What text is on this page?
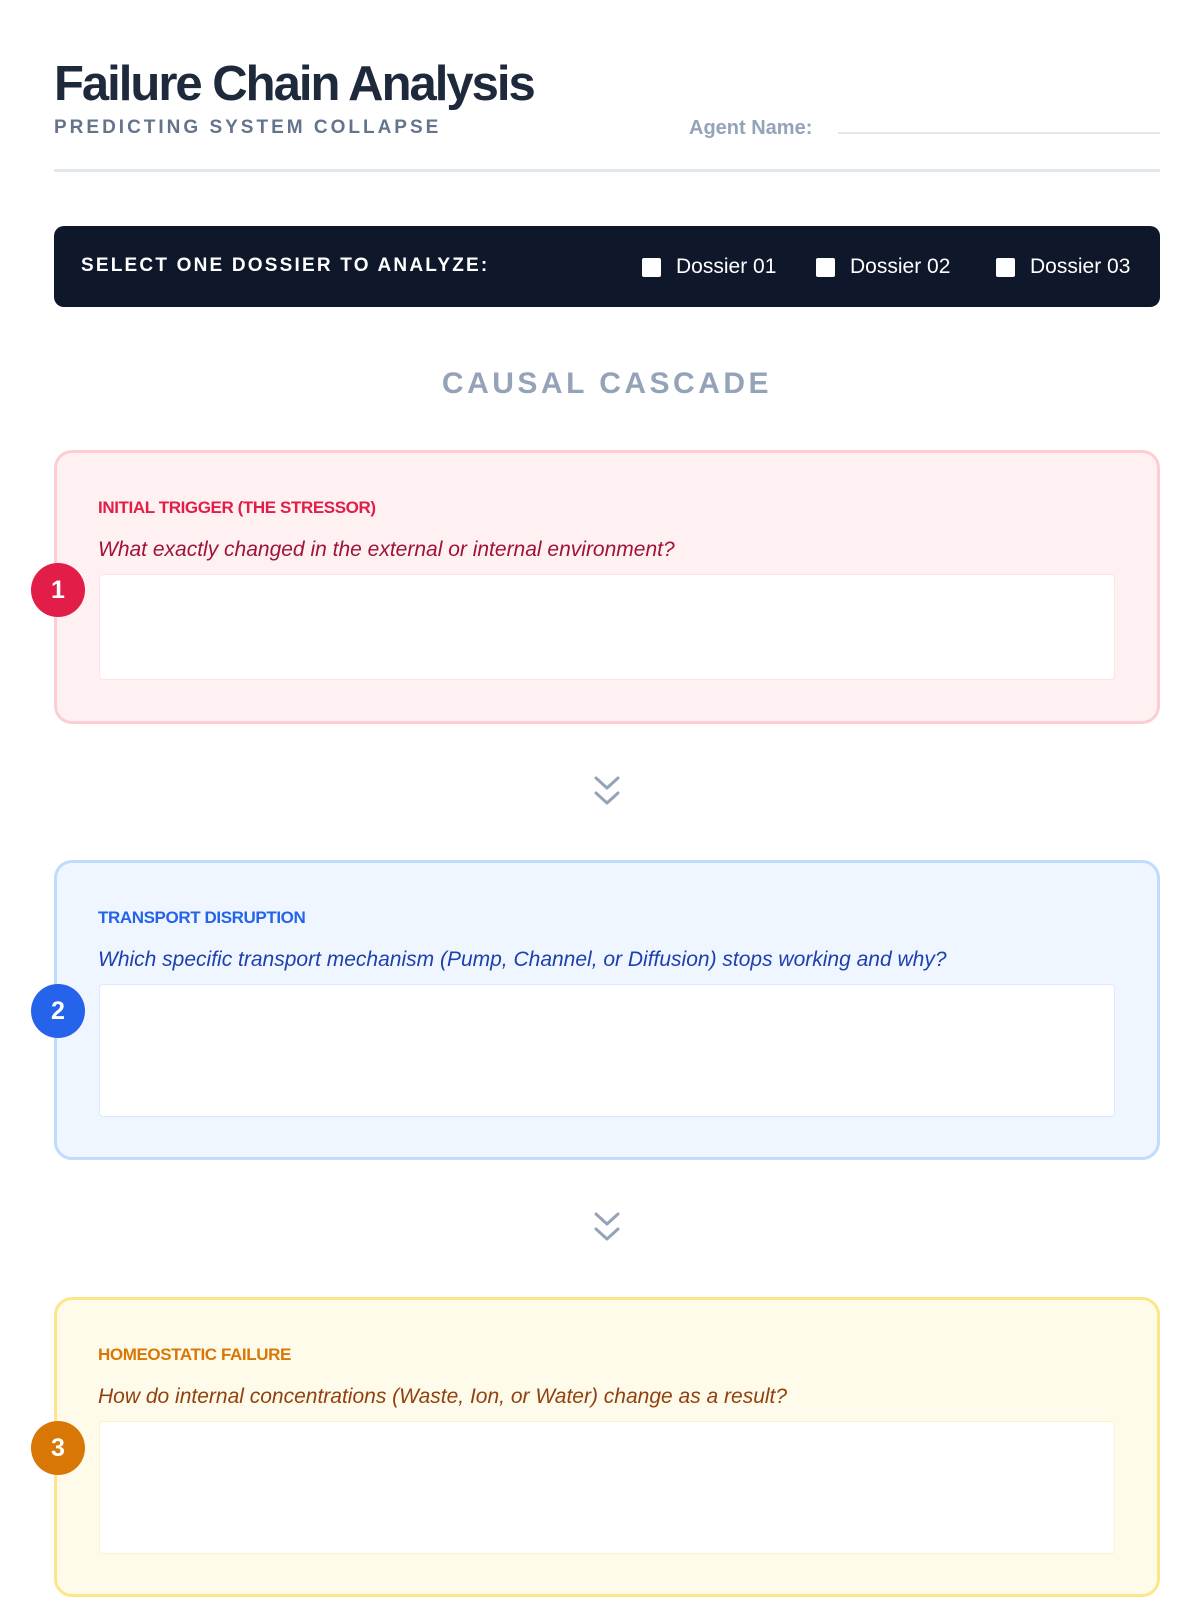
Failure Chain Analysis
PREDICTING SYSTEM COLLAPSE	Agent Name:
SELECT ONE DOSSIER TO ANALYZE:	Dossier 01	Dossier 02	Dossier 03
CAUSAL CASCADE
1
INITIAL TRIGGER (THE STRESSOR)
What exactly changed in the external or internal environment?
2
TRANSPORT DISRUPTION
Which specific transport mechanism (Pump, Channel, or Diffusion) stops working and why?
3
HOMEOSTATIC FAILURE
How do internal concentrations (Waste, Ion, or Water) change as a result?
